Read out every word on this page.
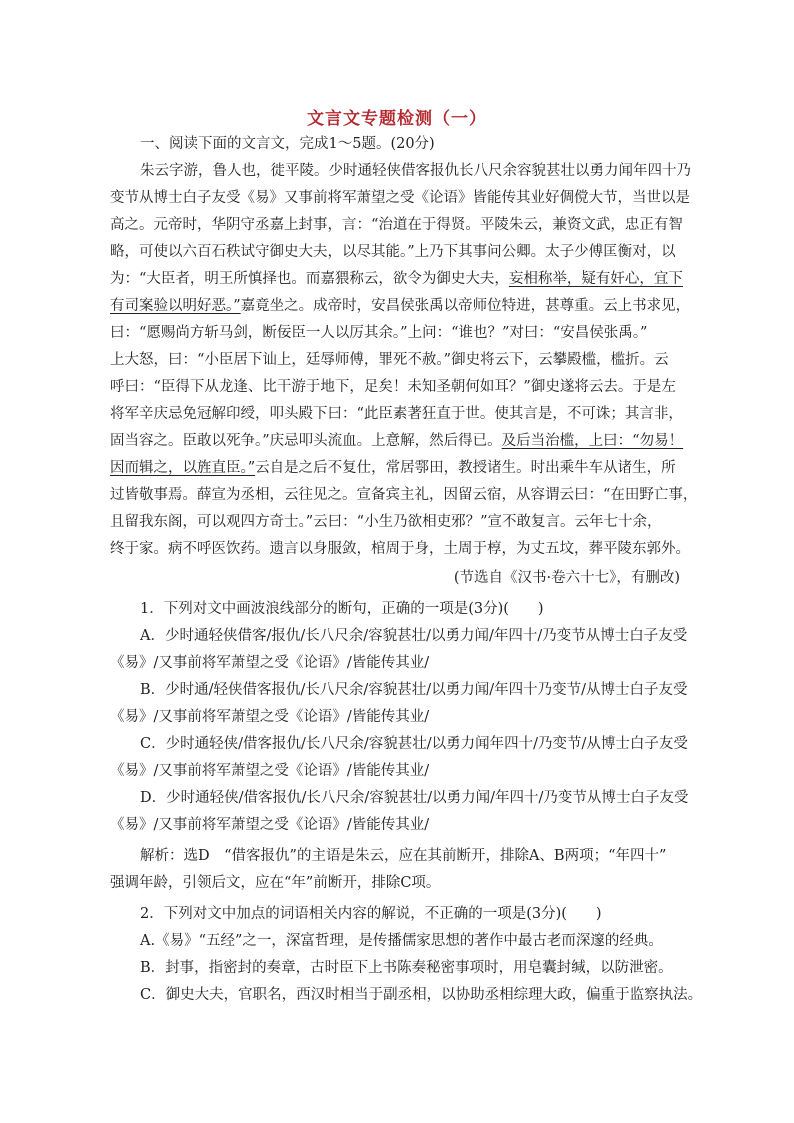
文言文专题检测（一）
一、阅读下面的文言文，完成1～5题。(20分)
朱云字游，鲁人也，徙平陵。少时通轻侠借客报仇长八尺余容貌甚壮以勇力闻年四十乃
变节从博士白子友受《易》又事前将军萧望之受《论语》皆能传其业好倜傥大节，当世以是
高之。元帝时，华阴守丞嘉上封事，言：“治道在于得贤。平陵朱云，兼资文武，忠正有智
略，可使以六百石秩试守御史大夫，以尽其能。”上乃下其事问公卿。太子少傅匡衡对，以
为：“大臣者，明王所慎择也。而嘉猥称云，欲令为御史大夫，妄相称举，疑有奸心，宜下
有司案验以明好恶。”嘉竟坐之。成帝时，安昌侯张禹以帝师位特进，甚尊重。云上书求见，
曰：“愿赐尚方斩马剑，断佞臣一人以厉其余。”上问：“谁也？”对曰：“安昌侯张禹。”
上大怒，曰：“小臣居下讪上，廷辱师傅，罪死不赦。”御史将云下，云攀殿槛，槛折。云
呼曰：“臣得下从龙逢、比干游于地下，足矣！未知圣朝何如耳？”御史遂将云去。于是左
将军辛庆忌免冠解印绶，叩头殿下曰：“此臣素著狂直于世。使其言是，不可诛；其言非，
固当容之。臣敢以死争。”庆忌叩头流血。上意解，然后得已。及后当治槛，上曰：“勿易！
因而辑之，以旌直臣。”云自是之后不复仕，常居鄠田，教授诸生。时出乘牛车从诸生，所
过皆敬事焉。薛宣为丞相，云往见之。宣备宾主礼，因留云宿，从容谓云曰：“在田野亡事，
且留我东阁，可以观四方奇士。”云曰：“小生乃欲相吏邪？”宣不敢复言。云年七十余，
终于家。病不呼医饮药。遗言以身服敛，棺周于身，土周于椁，为丈五坟，葬平陵东郭外。
(节选自《汉书·卷六十七》，有删改)
1．下列对文中画波浪线部分的断句，正确的一项是(3分)(　　)
A．少时通轻侠借客/报仇/长八尺余/容貌甚壮/以勇力闻/年四十/乃变节从博士白子友受
《易》/又事前将军萧望之受《论语》/皆能传其业/
B．少时通/轻侠借客报仇/长八尺余/容貌甚壮/以勇力闻/年四十乃变节/从博士白子友受
《易》/又事前将军萧望之受《论语》/皆能传其业/
C．少时通轻侠/借客报仇/长八尺余/容貌甚壮/以勇力闻年四十/乃变节/从博士白子友受
《易》/又事前将军萧望之受《论语》/皆能传其业/
D．少时通轻侠/借客报仇/长八尺余/容貌甚壮/以勇力闻/年四十/乃变节从博士白子友受
《易》/又事前将军萧望之受《论语》/皆能传其业/
解析：选D　“借客报仇”的主语是朱云，应在其前断开，排除A、B两项；“年四十”
强调年龄，引领后文，应在“年”前断开，排除C项。
2．下列对文中加点的词语相关内容的解说，不正确的一项是(3分)(　　)
A.《易》“五经”之一，深富哲理，是传播儒家思想的著作中最古老而深邃的经典。
B．封事，指密封的奏章，古时臣下上书陈奏秘密事项时，用皂囊封缄，以防泄密。
C．御史大夫，官职名，西汉时相当于副丞相，以协助丞相综理大政，偏重于监察执法。
